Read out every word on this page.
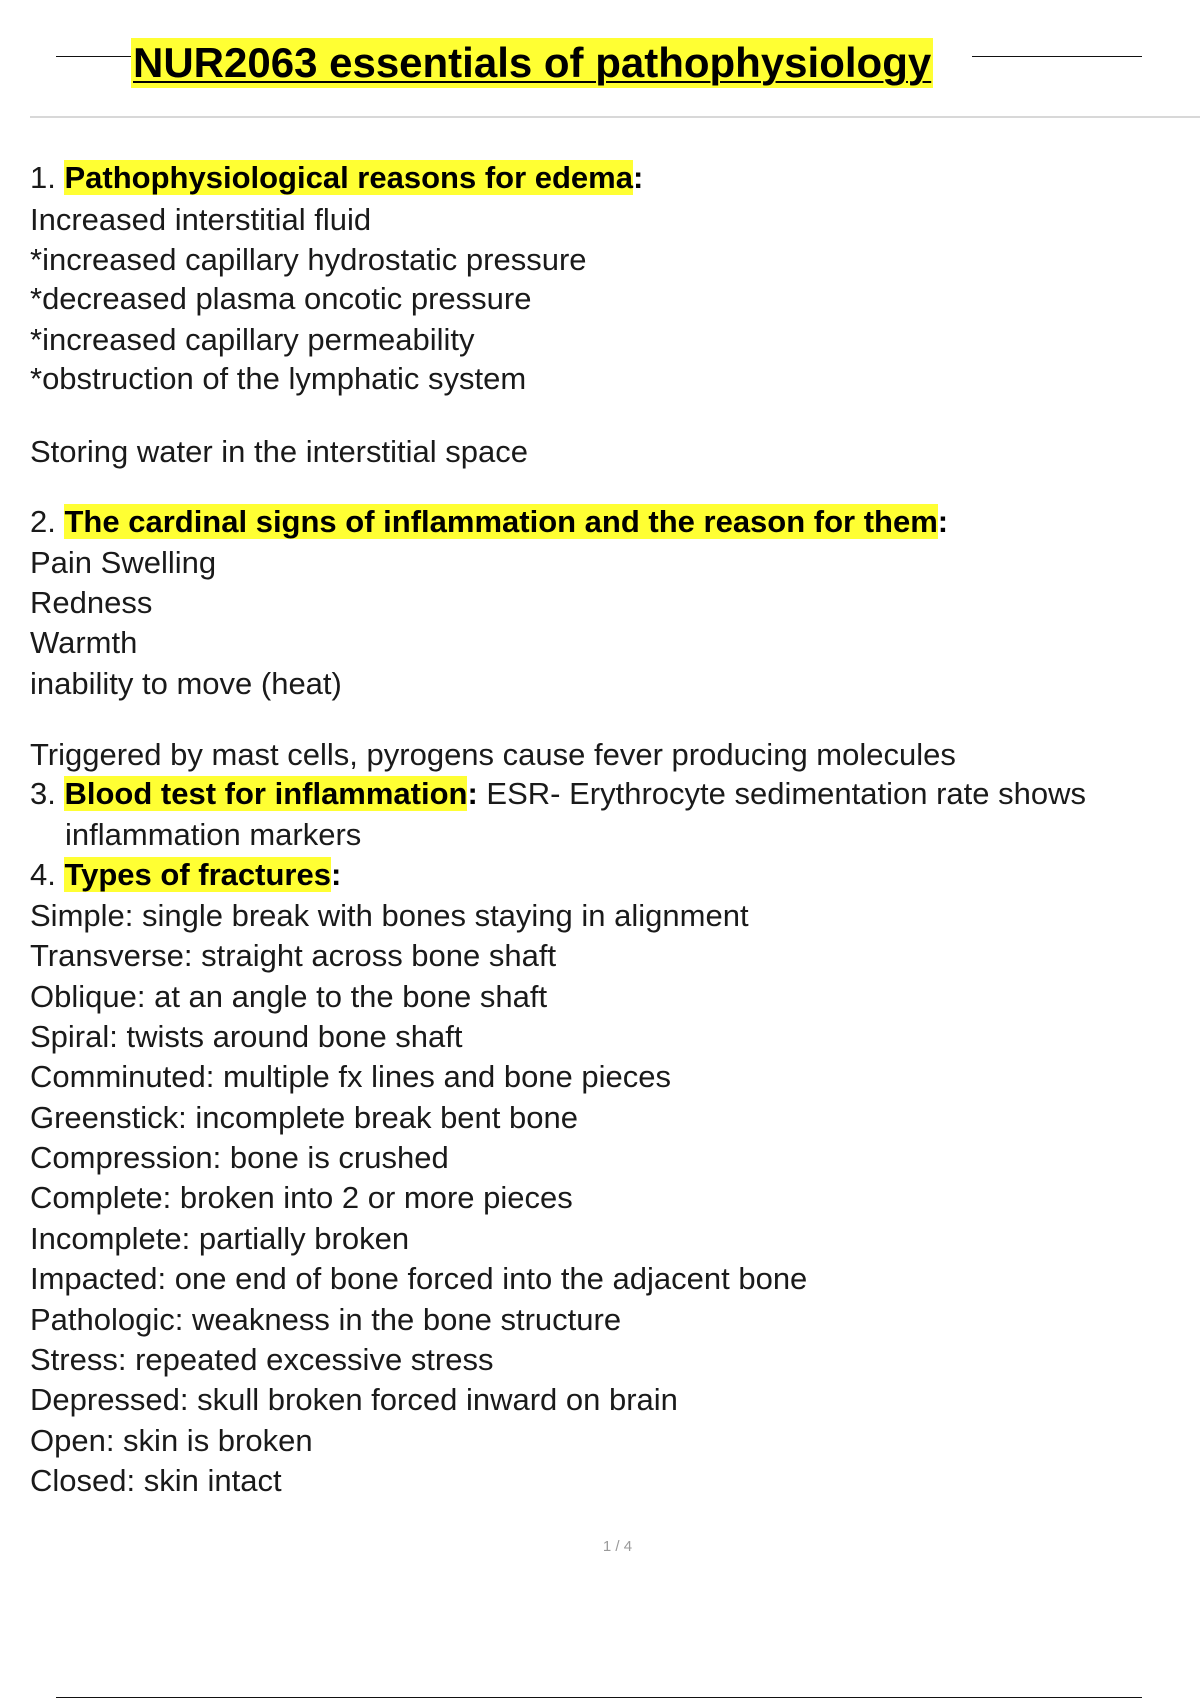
NUR2063 essentials of pathophysiology
1. Pathophysiological reasons for edema:
Increased interstitial fluid
*increased capillary hydrostatic pressure
*decreased plasma oncotic pressure
*increased capillary permeability
*obstruction of the lymphatic system
Storing water in the interstitial space
2. The cardinal signs of inflammation and the reason for them:
Pain Swelling
Redness
Warmth
inability to move (heat)
Triggered by mast cells, pyrogens cause fever producing molecules
3. Blood test for inflammation: ESR- Erythrocyte sedimentation rate shows
inflammation markers
4. Types of fractures:
Simple: single break with bones staying in alignment
Transverse: straight across bone shaft
Oblique: at an angle to the bone shaft
Spiral: twists around bone shaft
Comminuted: multiple fx lines and bone pieces
Greenstick: incomplete break bent bone
Compression: bone is crushed
Complete: broken into 2 or more pieces
Incomplete: partially broken
Impacted: one end of bone forced into the adjacent bone
Pathologic: weakness in the bone structure
Stress: repeated excessive stress
Depressed: skull broken forced inward on brain
Open: skin is broken
Closed: skin intact
1 / 4
